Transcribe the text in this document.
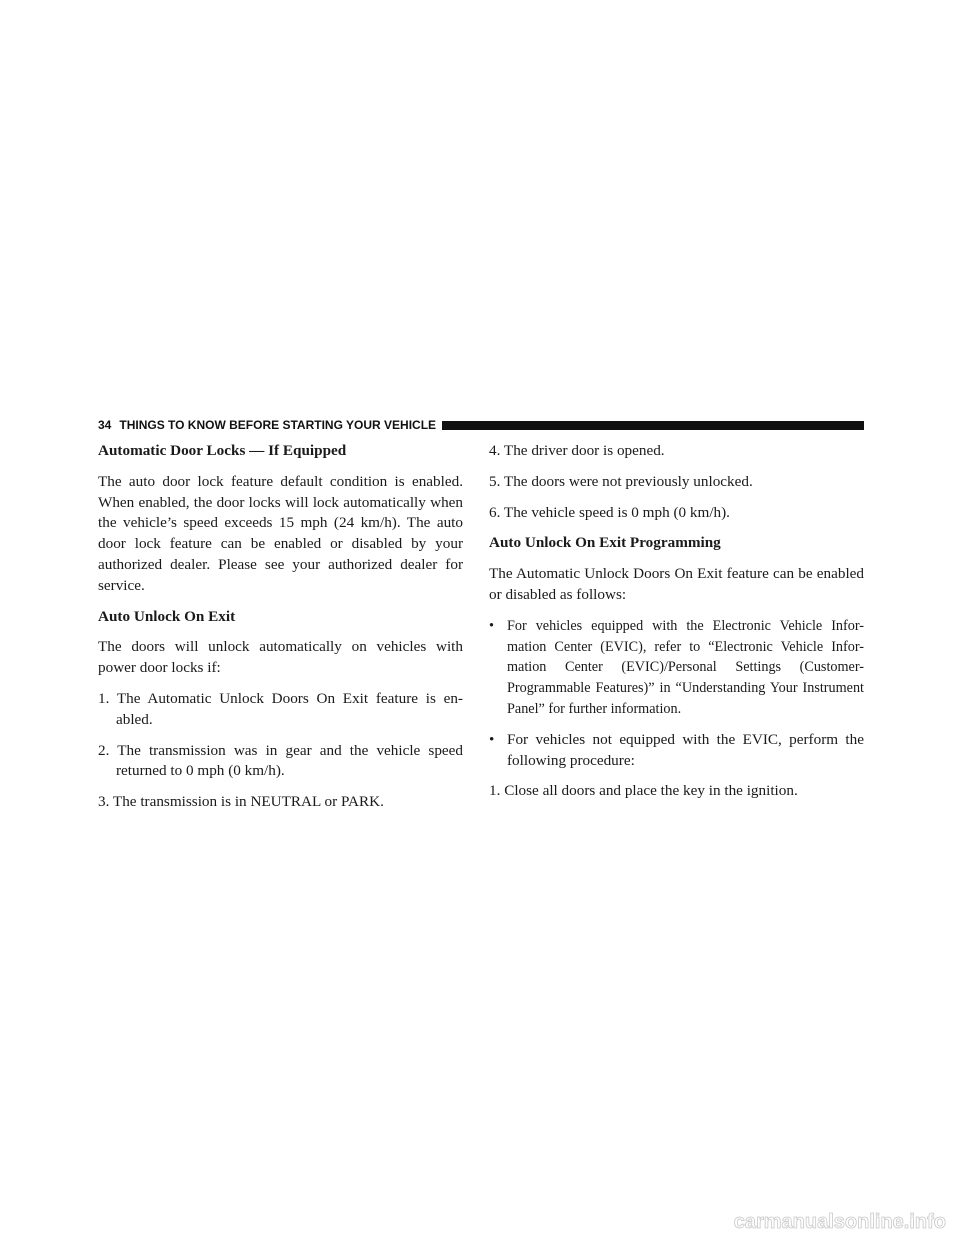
34 THINGS TO KNOW BEFORE STARTING YOUR VEHICLE
Automatic Door Locks — If Equipped

The auto door lock feature default condition is enabled. When enabled, the door locks will lock automatically when the vehicle’s speed exceeds 15 mph (24 km/h). The auto door lock feature can be enabled or disabled by your authorized dealer. Please see your authorized dealer for service.

Auto Unlock On Exit

The doors will unlock automatically on vehicles with power door locks if:

1. The Automatic Unlock Doors On Exit feature is en- abled.
2. The transmission was in gear and the vehicle speed returned to 0 mph (0 km/h).
3. The transmission is in NEUTRAL or PARK.
4. The driver door is opened.
5. The doors were not previously unlocked.
6. The vehicle speed is 0 mph (0 km/h).
Auto Unlock On Exit Programming

The Automatic Unlock Doors On Exit feature can be enabled or disabled as follows:

• For vehicles equipped with the Electronic Vehicle Infor- mation Center (EVIC), refer to “Electronic Vehicle Infor- mation Center (EVIC)/Personal Settings (Customer- Programmable Features)” in “Understanding Your Instrument Panel” for further information.
• For vehicles not equipped with the EVIC, perform the following procedure:
1. Close all doors and place the key in the ignition.
carmanualsonline.info
